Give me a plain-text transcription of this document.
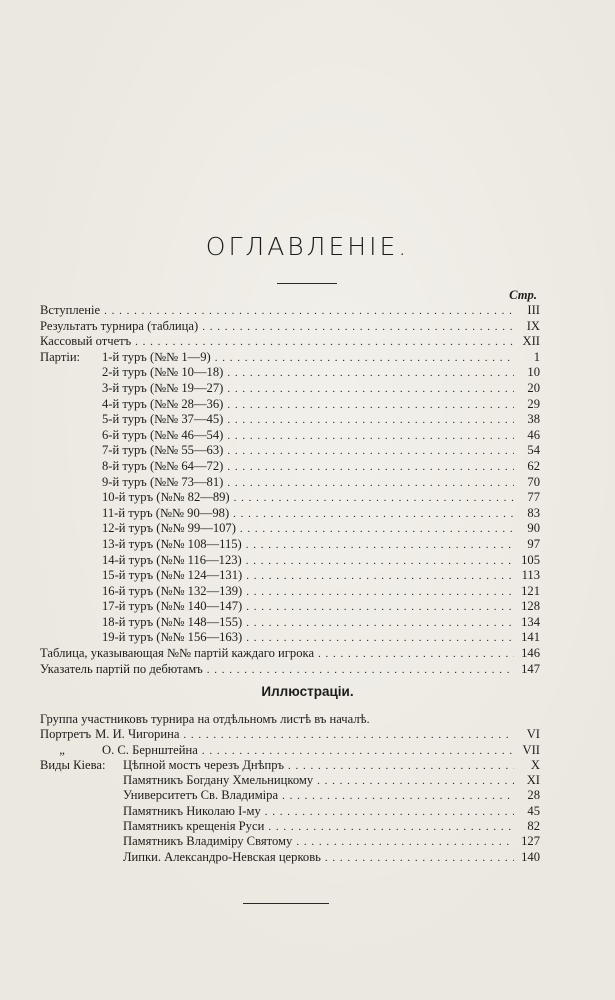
ОГЛАВЛЕНІЕ.
Стр.
Вступленіе . . .	III
Результатъ турнира (таблица) . . .	IX
Кассовый отчетъ . . .	XII
Партіи:	1-й туръ (№№ 1—9) . . .	1
2-й туръ (№№ 10—18) . . .	10
3-й туръ (№№ 19—27) . . .	20
4-й туръ (№№ 28—36) . . .	29
5-й туръ (№№ 37—45) . . .	38
6-й туръ (№№ 46—54) . . .	46
7-й туръ (№№ 55—63) . . .	54
8-й туръ (№№ 64—72) . . .	62
9-й туръ (№№ 73—81) . . .	70
10-й туръ (№№ 82—89) . . .	77
11-й туръ (№№ 90—98) . . .	83
12-й туръ (№№ 99—107) . . .	90
13-й туръ (№№ 108—115) . . .	97
14-й туръ (№№ 116—123) . . .	105
15-й туръ (№№ 124—131) . . .	113
16-й туръ (№№ 132—139) . . .	121
17-й туръ (№№ 140—147) . . .	128
18-й туръ (№№ 148—155) . . .	134
19-й туръ (№№ 156—163) . . .	141
Таблица, указывающая №№ партій каждаго игрока . . .	146
Указатель партій по дебютамъ . . .	147
Иллюстраціи.
Группа участниковъ турнира на отдѣльномъ листѣ въ началѣ.
Портретъ М. И. Чигорина . . .	VI
„	О. С. Бернштейна . . .	VII
Виды Кіева:	Цѣпной мостъ черезъ Днѣпръ . . .	X
Памятникъ Богдану Хмельницкому . . .	XI
Университетъ Св. Владиміра . . .	28
Памятникъ Николаю I-му . . .	45
Памятникъ крещенія Руси . . .	82
Памятникъ Владиміру Святому . . .	127
Липки. Александро-Невская церковь . . .	140
